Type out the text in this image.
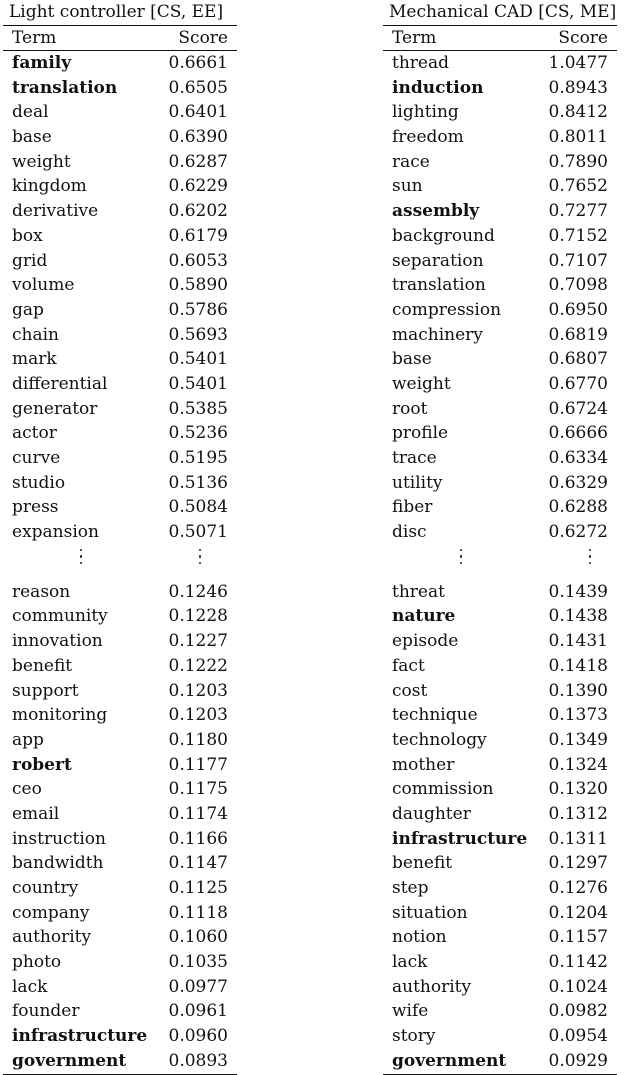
Light controller [CS, EE]
Term	Score
family	0.6661
translation	0.6505
deal	0.6401
base	0.6390
weight	0.6287
kingdom	0.6229
derivative	0.6202
box	0.6179
grid	0.6053
volume	0.5890
gap	0.5786
chain	0.5693
mark	0.5401
differential	0.5401
generator	0.5385
actor	0.5236
curve	0.5195
studio	0.5136
press	0.5084
expansion	0.5071
reason	0.1246
community	0.1228
innovation	0.1227
benefit	0.1222
support	0.1203
monitoring	0.1203
app	0.1180
robert	0.1177
ceo	0.1175
email	0.1174
instruction	0.1166
bandwidth	0.1147
country	0.1125
company	0.1118
authority	0.1060
photo	0.1035
lack	0.0977
founder	0.0961
infrastructure	0.0960
government	0.0893
Mechanical CAD [CS, ME]
Term	Score
thread	1.0477
induction	0.8943
lighting	0.8412
freedom	0.8011
race	0.7890
sun	0.7652
assembly	0.7277
background	0.7152
separation	0.7107
translation	0.7098
compression	0.6950
machinery	0.6819
base	0.6807
weight	0.6770
root	0.6724
profile	0.6666
trace	0.6334
utility	0.6329
fiber	0.6288
disc	0.6272
threat	0.1439
nature	0.1438
episode	0.1431
fact	0.1418
cost	0.1390
technique	0.1373
technology	0.1349
mother	0.1324
commission	0.1320
daughter	0.1312
infrastructure	0.1311
benefit	0.1297
step	0.1276
situation	0.1204
notion	0.1157
lack	0.1142
authority	0.1024
wife	0.0982
story	0.0954
government	0.0929
